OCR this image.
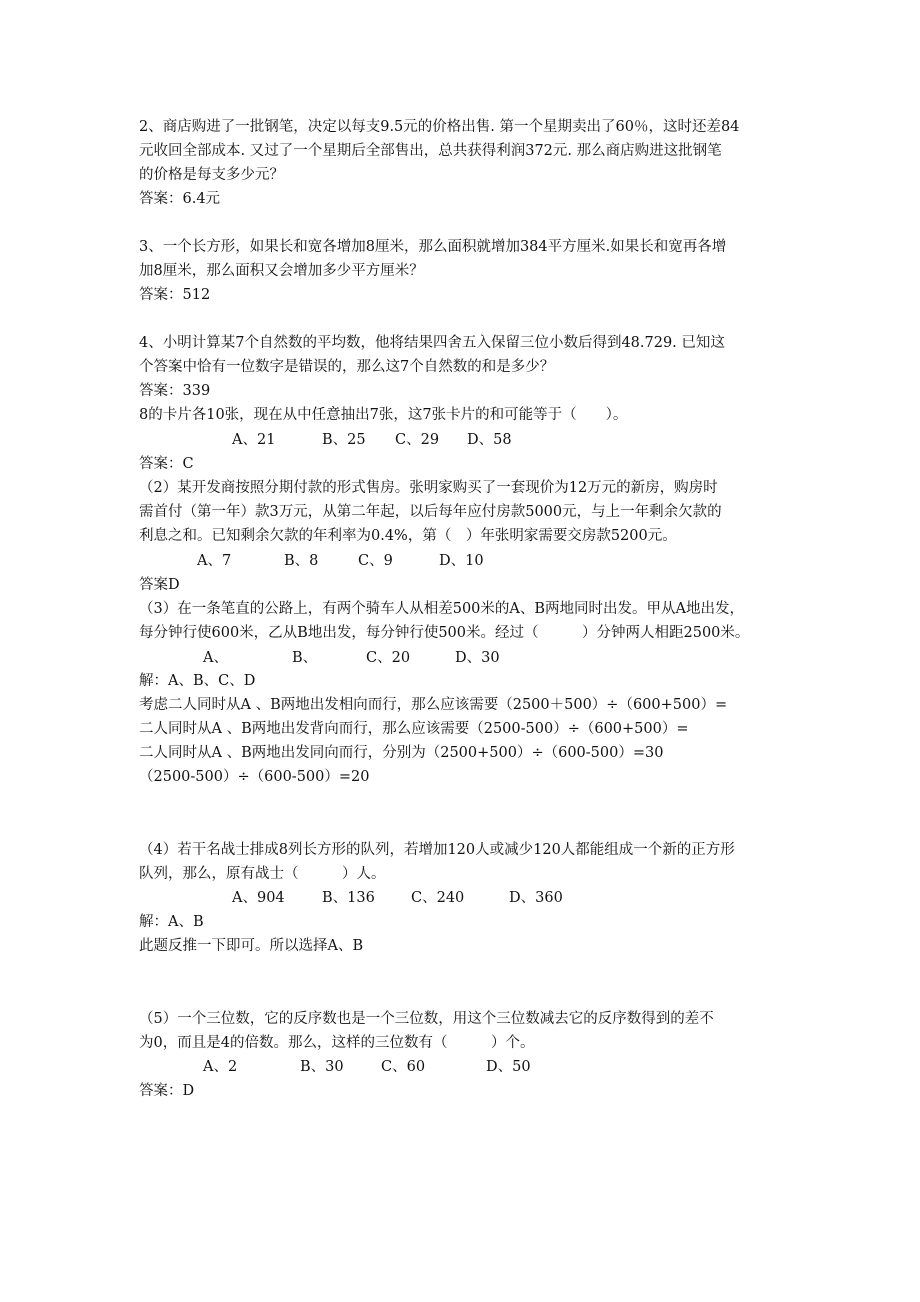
2、商店购进了一批钢笔，决定以每支9.5元的价格出售. 第一个星期卖出了60％，这时还差84
元收回全部成本. 又过了一个星期后全部售出，总共获得利润372元. 那么商店购进这批钢笔
的价格是每支多少元？
答案：6.4元
3、一个长方形，如果长和宽各增加8厘米，那么面积就增加384平方厘米.如果长和宽再各增
加8厘米，那么面积又会增加多少平方厘米？
答案：512
4、小明计算某7个自然数的平均数，他将结果四舍五入保留三位小数后得到48.729. 已知这
个答案中恰有一位数字是错误的，那么这7个自然数的和是多少？
答案：339
8的卡片各10张，现在从中任意抽出7张，这7张卡片的和可能等于（　　）。
A、21	B、25 C、29 D、58
答案：C
（2）某开发商按照分期付款的形式售房。张明家购买了一套现价为12万元的新房，购房时
需首付（第一年）款3万元，从第二年起，以后每年应付房款5000元，与上一年剩余欠款的
利息之和。已知剩余欠款的年利率为0.4%，第（　）年张明家需要交房款5200元。
A、7	B、8	C、9	D、10
答案D
（3）在一条笔直的公路上，有两个骑车人从相差500米的A、B两地同时出发。甲从A地出发，
每分钟行使600米，乙从B地出发，每分钟行使500米。经过（　　　）分钟两人相距2500米。
A、	B、	C、20	D、30
解：A、B、C、D
考虑二人同时从A 、B两地出发相向而行，那么应该需要（2500＋500）÷（600+500）=
二人同时从A 、B两地出发背向而行，那么应该需要（2500-500）÷（600+500）=
二人同时从A 、B两地出发同向而行，分别为（2500+500）÷（600-500）=30
（2500-500）÷（600-500）=20
（4）若干名战士排成8列长方形的队列，若增加120人或减少120人都能组成一个新的正方形
队列，那么，原有战士（　　　）人。
A、904	B、136 C、240	D、360
解：A、B
此题反推一下即可。所以选择A、B
（5）一个三位数，它的反序数也是一个三位数，用这个三位数减去它的反序数得到的差不
为0，而且是4的倍数。那么，这样的三位数有（　　　）个。
A、2	B、30	C、60	D、50
答案：D
